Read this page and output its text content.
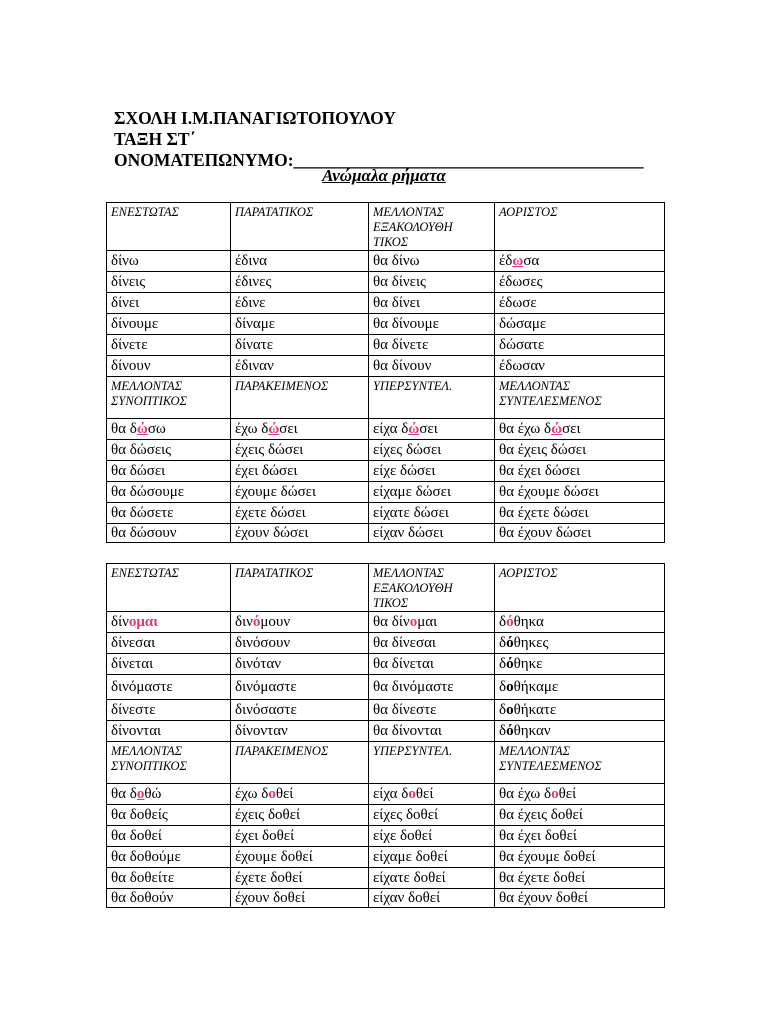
ΣΧΟΛΗ Ι.Μ.ΠΑΝΑΓΙΩΤΟΠΟΥΛΟΥ
ΤΑΞΗ ΣΤ΄
ΟΝΟΜΑΤΕΠΩΝΥΜΟ:________________________________________
Ανώμαλα ρήματα
ΕΝΕΣΤΩΤΑΣ	ΠΑΡΑΤΑΤΙΚΟΣ	ΜΕΛΛΟΝΤΑΣ ΕΞΑΚΟΛΟΥΘΗ ΤΙΚΟΣ	ΑΟΡΙΣΤΟΣ
δίνω	έδινα	θα δίνω	έδωσα
δίνεις	έδινες	θα δίνεις	έδωσες
δίνει	έδινε	θα δίνει	έδωσε
δίνουμε	δίναμε	θα δίνουμε	δώσαμε
δίνετε	δίνατε	θα δίνετε	δώσατε
δίνουν	έδιναν	θα δίνουν	έδωσαν
ΜΕΛΛΟΝΤΑΣ ΣΥΝΟΠΤΙΚΟΣ	ΠΑΡΑΚΕΙΜΕΝΟΣ	ΥΠΕΡΣΥΝΤΕΛ.	ΜΕΛΛΟΝΤΑΣ ΣΥΝΤΕΛΕΣΜΕΝΟΣ
θα δώσω	έχω δώσει	είχα δώσει	θα έχω δώσει
θα δώσεις	έχεις δώσει	είχες δώσει	θα έχεις δώσει
θα δώσει	έχει δώσει	είχε δώσει	θα έχει δώσει
θα δώσουμε	έχουμε δώσει	είχαμε δώσει	θα έχουμε δώσει
θα δώσετε	έχετε δώσει	είχατε δώσει	θα έχετε δώσει
θα δώσουν	έχουν δώσει	είχαν δώσει	θα έχουν δώσει
ΕΝΕΣΤΩΤΑΣ	ΠΑΡΑΤΑΤΙΚΟΣ	ΜΕΛΛΟΝΤΑΣ ΕΞΑΚΟΛΟΥΘΗ ΤΙΚΟΣ	ΑΟΡΙΣΤΟΣ
δίνομαι	δινόμουν	θα δίνομαι	δόθηκα
δίνεσαι	δινόσουν	θα δίνεσαι	δόθηκες
δίνεται	δινόταν	θα δίνεται	δόθηκε
δινόμαστε	δινόμαστε	θα δινόμαστε	δοθήκαμε
δίνεστε	δινόσαστε	θα δίνεστε	δοθήκατε
δίνονται	δίνονταν	θα δίνονται	δόθηκαν
ΜΕΛΛΟΝΤΑΣ ΣΥΝΟΠΤΙΚΟΣ	ΠΑΡΑΚΕΙΜΕΝΟΣ	ΥΠΕΡΣΥΝΤΕΛ.	ΜΕΛΛΟΝΤΑΣ ΣΥΝΤΕΛΕΣΜΕΝΟΣ
θα δοθώ	έχω δοθεί	είχα δοθεί	θα έχω δοθεί
θα δοθείς	έχεις δοθεί	είχες δοθεί	θα έχεις δοθεί
θα δοθεί	έχει δοθεί	είχε δοθεί	θα έχει δοθεί
θα δοθούμε	έχουμε δοθεί	είχαμε δοθεί	θα έχουμε δοθεί
θα δοθείτε	έχετε δοθεί	είχατε δοθεί	θα έχετε δοθεί
θα δοθούν	έχουν δοθεί	είχαν δοθεί	θα έχουν δοθεί
